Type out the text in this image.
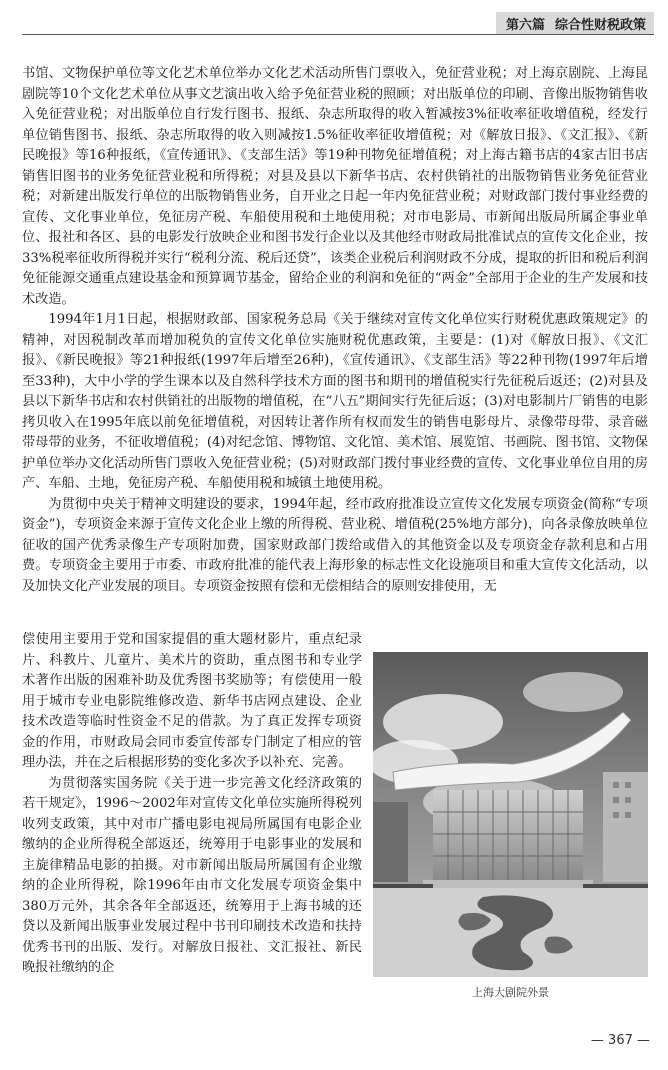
第六篇 综合性财税政策

书馆、文物保护单位等文化艺术单位举办文化艺术活动所售门票收入，免征营业税；对上海京剧院、上海昆剧院等10个文化艺术单位从事文艺演出收入给予免征营业税的照顾；对出版单位的印刷、音像出版物销售收入免征营业税；对出版单位自行发行图书、报纸、杂志所取得的收入暂减按3%征收率征收增值税，经发行单位销售图书、报纸、杂志所取得的收入则减按1.5%征收率征收增值税；对《解放日报》、《文汇报》、《新民晚报》等16种报纸，《宣传通讯》、《支部生活》等19种刊物免征增值税；对上海古籍书店的4家古旧书店销售旧图书的业务免征营业税和所得税；对县及县以下新华书店、农村供销社的出版物销售业务免征营业税；对新建出版发行单位的出版物销售业务，自开业之日起一年内免征营业税；对财政部门拨付事业经费的宣传、文化事业单位，免征房产税、车船使用税和土地使用税；对市电影局、市新闻出版局所属企事业单位、报社和各区、县的电影发行放映企业和图书发行企业以及其他经市财政局批准试点的宣传文化企业，按33%税率征收所得税并实行“税利分流、税后还贷”，该类企业税后利润财政不分成，提取的折旧和税后利润免征能源交通重点建设基金和预算调节基金，留给企业的利润和免征的“两金”全部用于企业的生产发展和技术改造。

1994年1月1日起，根据财政部、国家税务总局《关于继续对宣传文化单位实行财税优惠政策规定》的精神，对因税制改革而增加税负的宣传文化单位实施财税优惠政策，主要是：(1)对《解放日报》、《文汇报》、《新民晚报》等21种报纸(1997年后增至26种)，《宣传通讯》、《支部生活》等22种刊物(1997年后增至33种)，大中小学的学生课本以及自然科学技术方面的图书和期刊的增值税实行先征税后返还；(2)对县及县以下新华书店和农村供销社的出版物的增值税，在“八五”期间实行先征后返；(3)对电影制片厂销售的电影拷贝收入在1995年底以前免征增值税，对因转让著作所有权而发生的销售电影母片、录像带母带、录音磁带母带的业务，不征收增值税；(4)对纪念馆、博物馆、文化馆、美术馆、展览馆、书画院、图书馆、文物保护单位举办文化活动所售门票收入免征营业税；(5)对财政部门拨付事业经费的宣传、文化事业单位自用的房产、车船、土地，免征房产税、车船使用税和城镇土地使用税。

为贯彻中央关于精神文明建设的要求，1994年起，经市政府批准设立宣传文化发展专项资金(简称“专项资金”)，专项资金来源于宣传文化企业上缴的所得税、营业税、增值税(25%地方部分)，向各录像放映单位征收的国产优秀录像生产专项附加费，国家财政部门拨给或借入的其他资金以及专项资金存款利息和占用费。专项资金主要用于市委、市政府批准的能代表上海形象的标志性文化设施项目和重大宣传文化活动，以及加快文化产业发展的项目。专项资金按照有偿和无偿相结合的原则安排使用，无

偿使用主要用于党和国家提倡的重大题材影片，重点纪录片、科教片、儿童片、美术片的资助，重点图书和专业学术著作出版的困难补助及优秀图书奖励等；有偿使用一般用于城市专业电影院维修改造、新华书店网点建设、企业技术改造等临时性资金不足的借款。为了真正发挥专项资金的作用，市财政局会同市委宣传部专门制定了相应的管理办法，并在之后根据形势的变化多次予以补充、完善。

为贯彻落实国务院《关于进一步完善文化经济政策的若干规定》，1996～2002年对宣传文化单位实施所得税列收列支政策，其中对市广播电影电视局所属国有电影企业缴纳的企业所得税全部返还，统筹用于电影事业的发展和主旋律精品电影的拍摄。对市新闻出版局所属国有企业缴纳的企业所得税，除1996年由市文化发展专项资金集中380万元外，其余各年全部返还，统筹用于上海书城的还贷以及新闻出版事业发展过程中书刊印刷技术改造和扶持优秀书刊的出版、发行。对解放日报社、文汇报社、新民晚报社缴纳的企

上海大剧院外景
— 367 —
